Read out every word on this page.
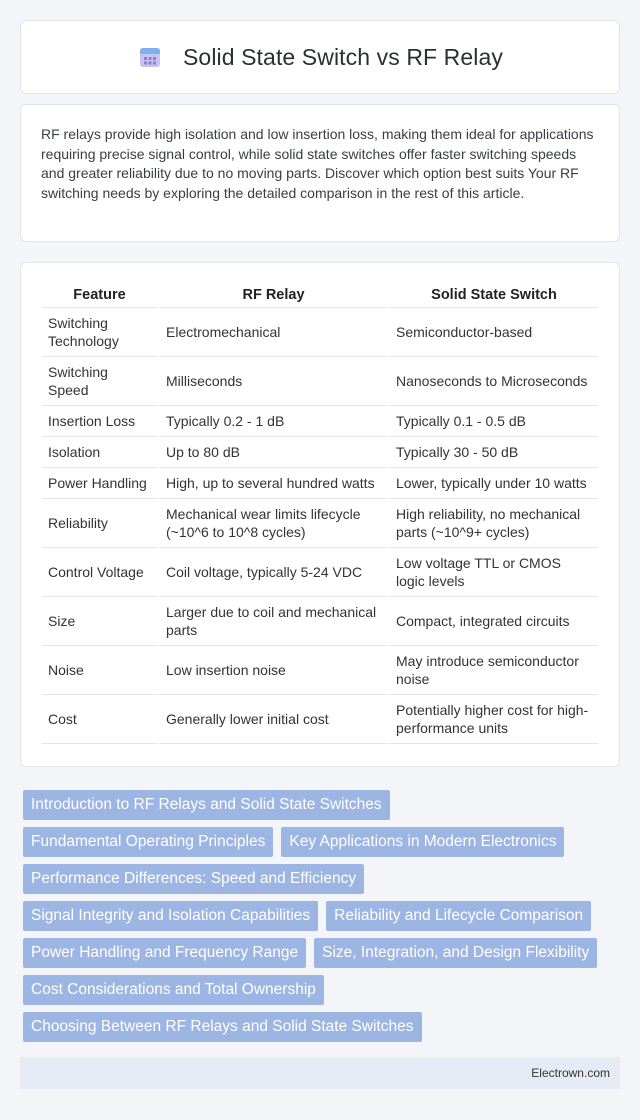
Solid State Switch vs RF Relay

RF relays provide high isolation and low insertion loss, making them ideal for applications requiring precise signal control, while solid state switches offer faster switching speeds and greater reliability due to no moving parts. Discover which option best suits Your RF switching needs by exploring the detailed comparison in the rest of this article.

Feature	RF Relay	Solid State Switch
Switching Technology	Electromechanical	Semiconductor-based
Switching Speed	Milliseconds	Nanoseconds to Microseconds
Insertion Loss	Typically 0.2 - 1 dB	Typically 0.1 - 0.5 dB
Isolation	Up to 80 dB	Typically 30 - 50 dB
Power Handling	High, up to several hundred watts	Lower, typically under 10 watts
Reliability	Mechanical wear limits lifecycle (~10^6 to 10^8 cycles)	High reliability, no mechanical parts (~10^9+ cycles)
Control Voltage	Coil voltage, typically 5-24 VDC	Low voltage TTL or CMOS logic levels
Size	Larger due to coil and mechanical parts	Compact, integrated circuits
Noise	Low insertion noise	May introduce semiconductor noise
Cost	Generally lower initial cost	Potentially higher cost for high-performance units
Introduction to RF Relays and Solid State Switches
Fundamental Operating Principles	Key Applications in Modern Electronics
Performance Differences: Speed and Efficiency
Signal Integrity and Isolation Capabilities	Reliability and Lifecycle Comparison
Power Handling and Frequency Range	Size, Integration, and Design Flexibility
Cost Considerations and Total Ownership
Choosing Between RF Relays and Solid State Switches
Electrown.com
